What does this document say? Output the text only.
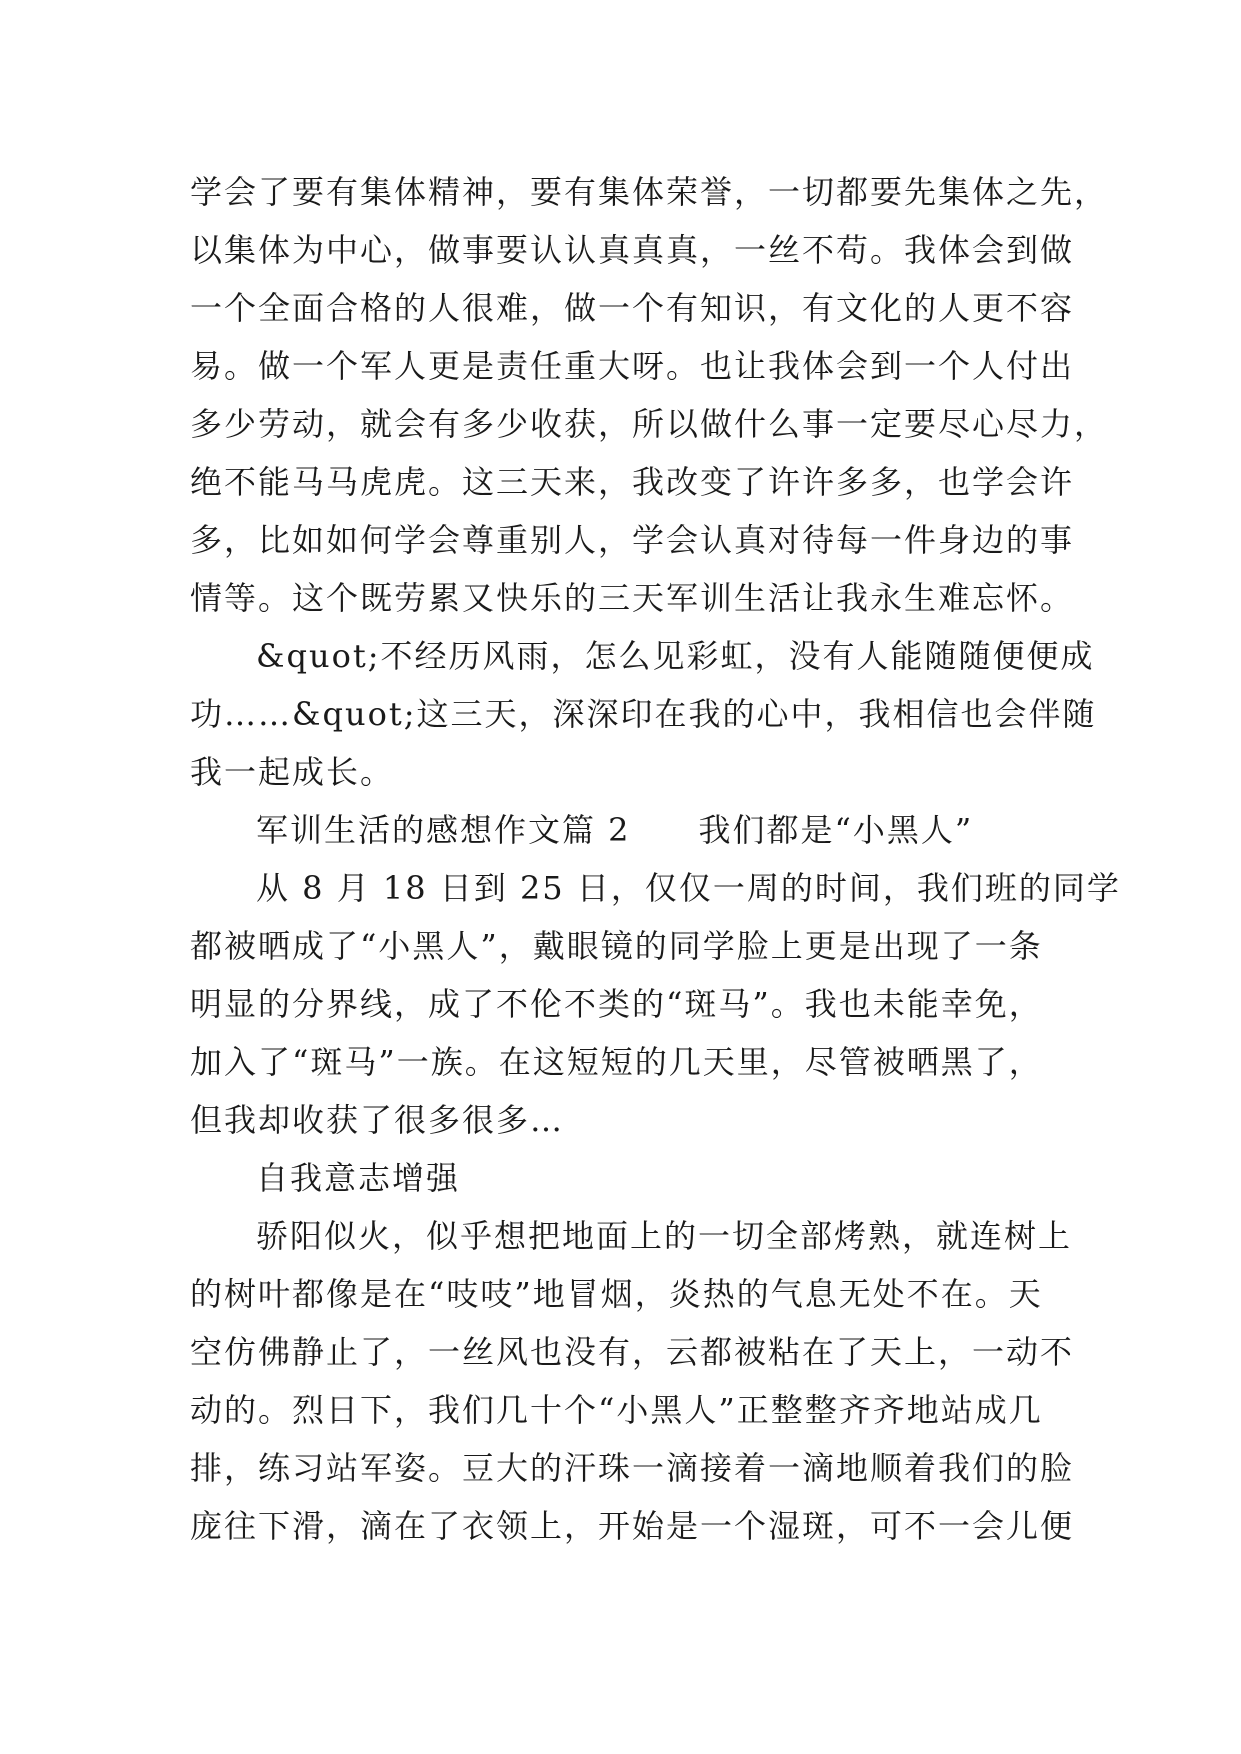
学会了要有集体精神，要有集体荣誉，一切都要先集体之先，
以集体为中心，做事要认认真真真，一丝不苟。我体会到做
一个全面合格的人很难，做一个有知识，有文化的人更不容
易。做一个军人更是责任重大呀。也让我体会到一个人付出
多少劳动，就会有多少收获，所以做什么事一定要尽心尽力，
绝不能马马虎虎。这三天来，我改变了许许多多，也学会许
多，比如如何学会尊重别人，学会认真对待每一件身边的事
情等。这个既劳累又快乐的三天军训生活让我永生难忘怀。
&quot;不经历风雨，怎么见彩虹，没有人能随随便便成
功……&quot;这三天，深深印在我的心中，我相信也会伴随
我一起成长。
军训生活的感想作文篇 2　　我们都是“小黑人”
从 8 月 18 日到 25 日，仅仅一周的时间，我们班的同学
都被晒成了“小黑人”，戴眼镜的同学脸上更是出现了一条
明显的分界线，成了不伦不类的“斑马”。我也未能幸免，
加入了“斑马”一族。在这短短的几天里，尽管被晒黑了，
但我却收获了很多很多…
自我意志增强
骄阳似火，似乎想把地面上的一切全部烤熟，就连树上
的树叶都像是在“吱吱”地冒烟，炎热的气息无处不在。天
空仿佛静止了，一丝风也没有，云都被粘在了天上，一动不
动的。烈日下，我们几十个“小黑人”正整整齐齐地站成几
排，练习站军姿。豆大的汗珠一滴接着一滴地顺着我们的脸
庞往下滑，滴在了衣领上，开始是一个湿斑，可不一会儿便
